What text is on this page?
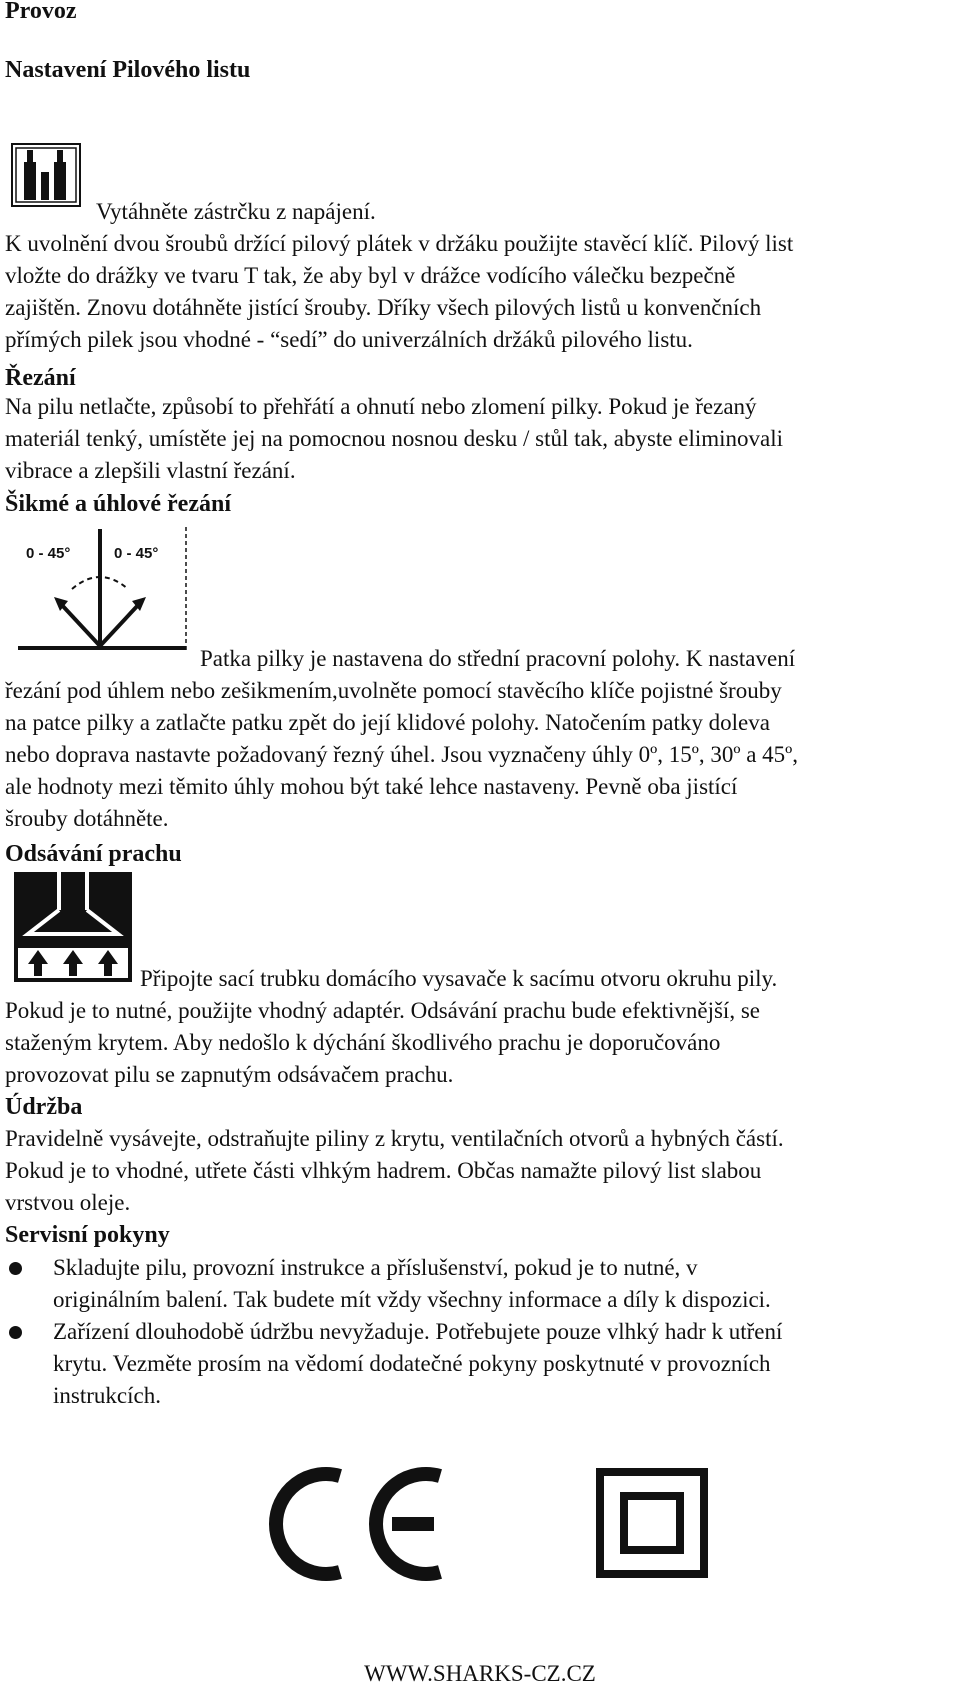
Provoz
Nastavení Pilového listu
Vytáhněte zástrčku z napájení.
K uvolnění dvou šroubů držící pilový plátek v držáku použijte stavěcí klíč. Pilový list
vložte do drážky ve tvaru T tak, že aby byl v drážce vodícího válečku bezpečně
zajištěn. Znovu dotáhněte jistící šrouby. Dříky všech pilových listů u konvenčních
přímých pilek jsou vhodné - “sedí” do univerzálních držáků pilového listu.
Řezání
Na pilu netlačte, způsobí to přehřátí a ohnutí nebo zlomení pilky. Pokud je řezaný
materiál tenký, umístěte jej na pomocnou nosnou desku / stůl tak, abyste eliminovali
vibrace a zlepšili vlastní řezání.
Šikmé a úhlové řezání
0 - 45°	0 - 45°
Patka pilky je nastavena do střední pracovní polohy. K nastavení
řezání pod úhlem nebo zešikmením,uvolněte pomocí stavěcího klíče pojistné šrouby
na patce pilky a zatlačte patku zpět do její klidové polohy. Natočením patky doleva
nebo doprava nastavte požadovaný řezný úhel. Jsou vyznačeny úhly 0º, 15º, 30º a 45º,
ale hodnoty mezi těmito úhly mohou být také lehce nastaveny. Pevně oba jistící
šrouby dotáhněte.
Odsávání prachu
Připojte sací trubku domácího vysavače k sacímu otvoru okruhu pily.
Pokud je to nutné, použijte vhodný adaptér. Odsávání prachu bude efektivnější, se
staženým krytem. Aby nedošlo k dýchání škodlivého prachu je doporučováno
provozovat pilu se zapnutým odsávačem prachu.
Údržba
Pravidelně vysávejte, odstraňujte piliny z krytu, ventilačních otvorů a hybných částí.
Pokud je to vhodné, utřete části vlhkým hadrem. Občas namažte pilový list slabou
vrstvou oleje.
Servisní pokyny
Skladujte pilu, provozní instrukce a příslušenství, pokud je to nutné, v
originálním balení. Tak budete mít vždy všechny informace a díly k dispozici.
Zařízení dlouhodobě údržbu nevyžaduje. Potřebujete pouze vlhký hadr k utření
krytu. Vezměte prosím na vědomí dodatečné pokyny poskytnuté v provozních
instrukcích.
WWW.SHARKS-CZ.CZ
